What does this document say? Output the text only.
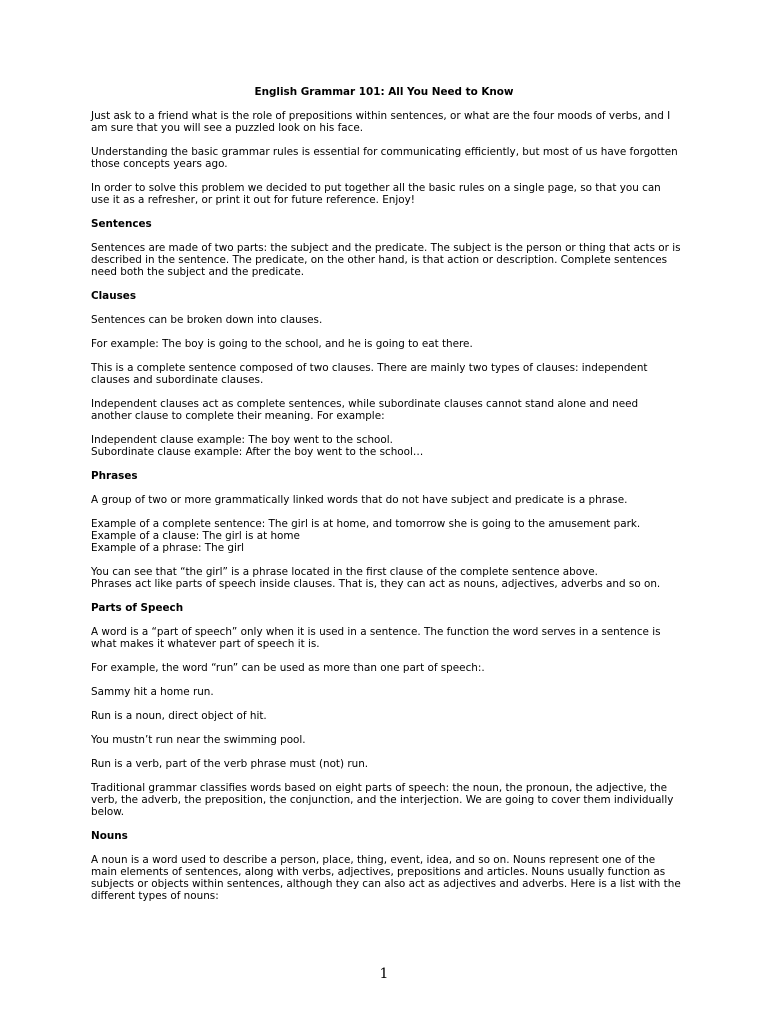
English Grammar 101: All You Need to Know

Just ask to a friend what is the role of prepositions within sentences, or what are the four moods of verbs, and I am sure that you will see a puzzled look on his face.

Understanding the basic grammar rules is essential for communicating efficiently, but most of us have forgotten those concepts years ago.

In order to solve this problem we decided to put together all the basic rules on a single page, so that you can use it as a refresher, or print it out for future reference. Enjoy!

Sentences

Sentences are made of two parts: the subject and the predicate. The subject is the person or thing that acts or is described in the sentence. The predicate, on the other hand, is that action or description. Complete sentences need both the subject and the predicate.

Clauses

Sentences can be broken down into clauses.

For example: The boy is going to the school, and he is going to eat there.

This is a complete sentence composed of two clauses. There are mainly two types of clauses: independent clauses and subordinate clauses.

Independent clauses act as complete sentences, while subordinate clauses cannot stand alone and need another clause to complete their meaning. For example:

Independent clause example: The boy went to the school.
Subordinate clause example: After the boy went to the school…

Phrases

A group of two or more grammatically linked words that do not have subject and predicate is a phrase.

Example of a complete sentence: The girl is at home, and tomorrow she is going to the amusement park.
Example of a clause: The girl is at home
Example of a phrase: The girl

You can see that “the girl” is a phrase located in the first clause of the complete sentence above.
Phrases act like parts of speech inside clauses. That is, they can act as nouns, adjectives, adverbs and so on.

Parts of Speech

A word is a “part of speech” only when it is used in a sentence. The function the word serves in a sentence is what makes it whatever part of speech it is.

For example, the word “run” can be used as more than one part of speech:.

Sammy hit a home run.

Run is a noun, direct object of hit.

You mustn’t run near the swimming pool.

Run is a verb, part of the verb phrase must (not) run.

Traditional grammar classifies words based on eight parts of speech: the noun, the pronoun, the adjective, the verb, the adverb, the preposition, the conjunction, and the interjection. We are going to cover them individually below.

Nouns

A noun is a word used to describe a person, place, thing, event, idea, and so on. Nouns represent one of the main elements of sentences, along with verbs, adjectives, prepositions and articles. Nouns usually function as subjects or objects within sentences, although they can also act as adjectives and adverbs. Here is a list with the different types of nouns:

1
